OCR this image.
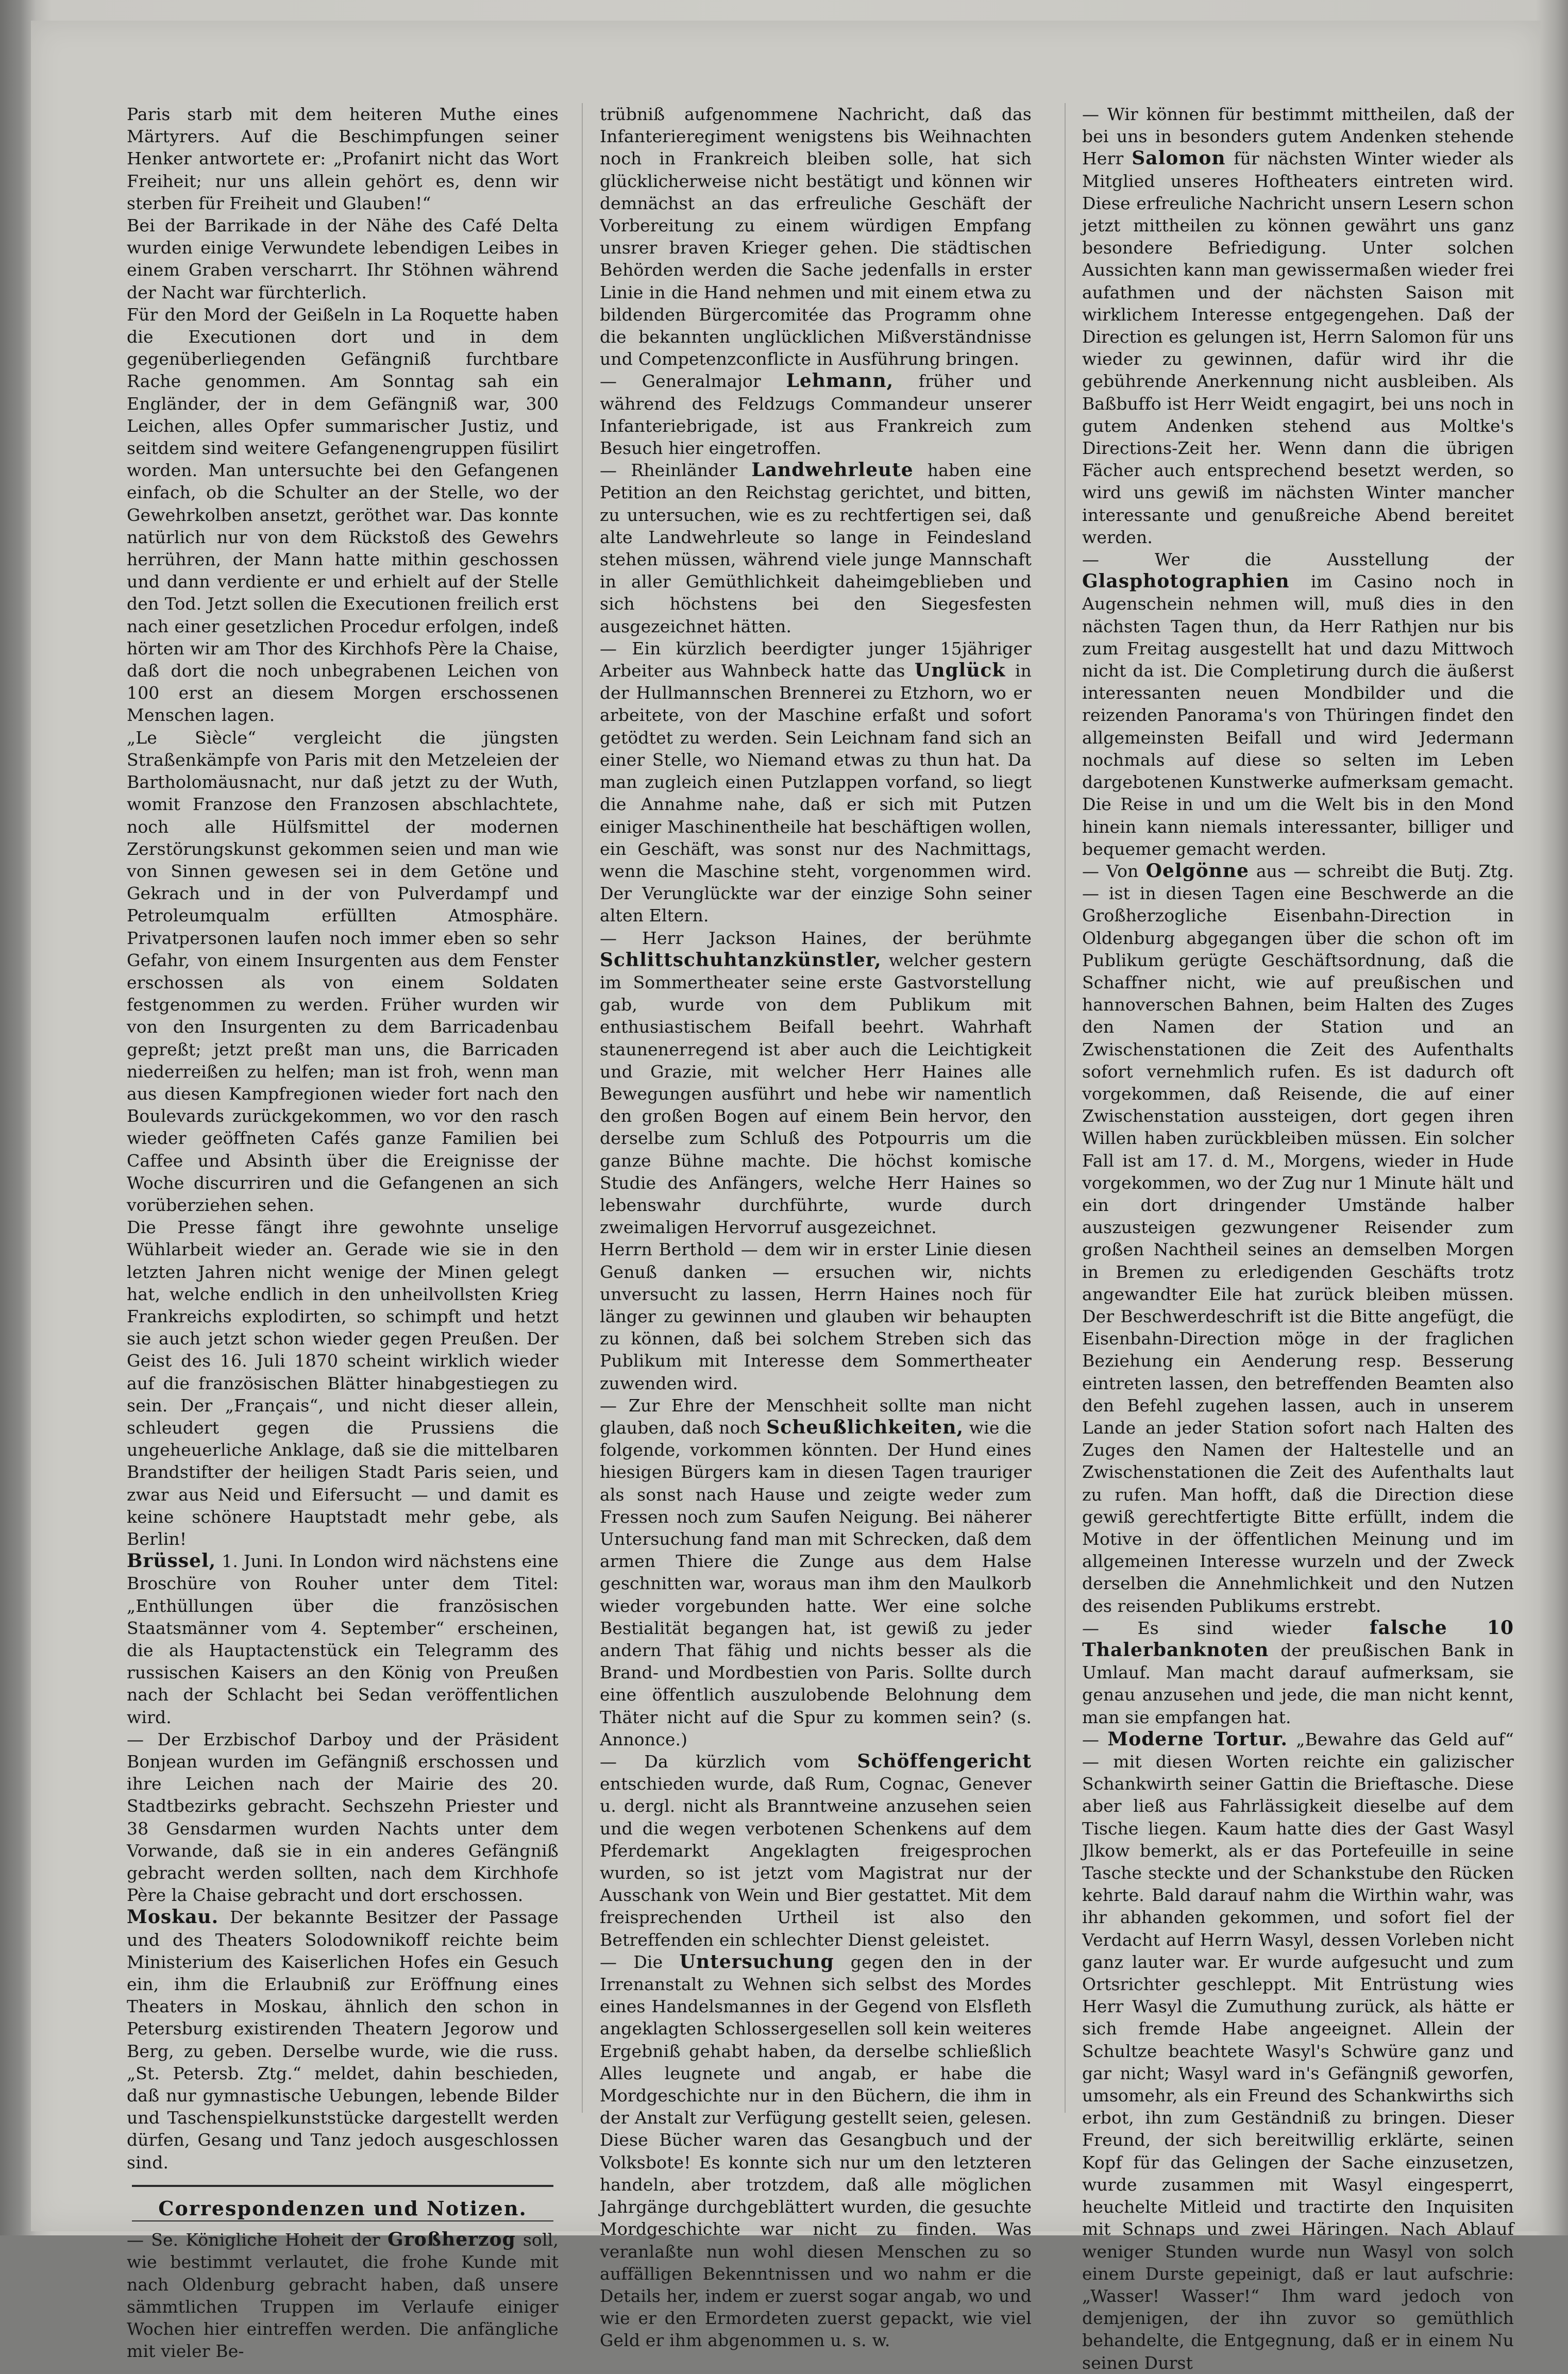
Paris starb mit dem heiteren Muthe eines Märtyrers. Auf die Beschimpfungen seiner Henker antwortete er: „Profanirt nicht das Wort Freiheit; nur uns allein gehört es, denn wir sterben für Freiheit und Glauben!“

Bei der Barrikade in der Nähe des Café Delta wurden einige Verwundete lebendigen Leibes in einem Graben verscharrt. Ihr Stöhnen während der Nacht war fürchterlich.

Für den Mord der Geißeln in La Roquette haben die Executionen dort und in dem gegenüberliegenden Gefängniß furchtbare Rache genommen. Am Sonntag sah ein Engländer, der in dem Gefängniß war, 300 Leichen, alles Opfer summarischer Justiz, und seitdem sind weitere Gefangenengruppen füsilirt worden. Man untersuchte bei den Gefangenen einfach, ob die Schulter an der Stelle, wo der Gewehrkolben ansetzt, geröthet war. Das konnte natürlich nur von dem Rückstoß des Gewehrs herrühren, der Mann hatte mithin geschossen und dann verdiente er und erhielt auf der Stelle den Tod. Jetzt sollen die Executionen freilich erst nach einer gesetzlichen Procedur erfolgen, indeß hörten wir am Thor des Kirchhofs Père la Chaise, daß dort die noch unbegrabenen Leichen von 100 erst an diesem Morgen erschossenen Menschen lagen.

„Le Siècle“ vergleicht die jüngsten Straßenkämpfe von Paris mit den Metzeleien der Bartholomäusnacht, nur daß jetzt zu der Wuth, womit Franzose den Franzosen abschlachtete, noch alle Hülfsmittel der modernen Zerstörungskunst gekommen seien und man wie von Sinnen gewesen sei in dem Getöne und Gekrach und in der von Pulverdampf und Petroleumqualm erfüllten Atmosphäre. Privatpersonen laufen noch immer eben so sehr Gefahr, von einem Insurgenten aus dem Fenster erschossen als von einem Soldaten festgenommen zu werden. Früher wurden wir von den Insurgenten zu dem Barricadenbau gepreßt; jetzt preßt man uns, die Barricaden niederreißen zu helfen; man ist froh, wenn man aus diesen Kampfregionen wieder fort nach den Boulevards zurückgekommen, wo vor den rasch wieder geöffneten Cafés ganze Familien bei Caffee und Absinth über die Ereignisse der Woche discurriren und die Gefangenen an sich vorüberziehen sehen.

Die Presse fängt ihre gewohnte unselige Wühlarbeit wieder an. Gerade wie sie in den letzten Jahren nicht wenige der Minen gelegt hat, welche endlich in den unheilvollsten Krieg Frankreichs explodirten, so schimpft und hetzt sie auch jetzt schon wieder gegen Preußen. Der Geist des 16. Juli 1870 scheint wirklich wieder auf die französischen Blätter hinabgestiegen zu sein. Der „Français“, und nicht dieser allein, schleudert gegen die Prussiens die ungeheuerliche Anklage, daß sie die mittelbaren Brandstifter der heiligen Stadt Paris seien, und zwar aus Neid und Eifersucht — und damit es keine schönere Hauptstadt mehr gebe, als Berlin!

Brüssel, 1. Juni. In London wird nächstens eine Broschüre von Rouher unter dem Titel: „Enthüllungen über die französischen Staatsmänner vom 4. September“ erscheinen, die als Hauptactenstück ein Telegramm des russischen Kaisers an den König von Preußen nach der Schlacht bei Sedan veröffentlichen wird.

— Der Erzbischof Darboy und der Präsident Bonjean wurden im Gefängniß erschossen und ihre Leichen nach der Mairie des 20. Stadtbezirks gebracht. Sechszehn Priester und 38 Gensdarmen wurden Nachts unter dem Vorwande, daß sie in ein anderes Gefängniß gebracht werden sollten, nach dem Kirchhofe Père la Chaise gebracht und dort erschossen.

Moskau. Der bekannte Besitzer der Passage und des Theaters Solodownikoff reichte beim Ministerium des Kaiserlichen Hofes ein Gesuch ein, ihm die Erlaubniß zur Eröffnung eines Theaters in Moskau, ähnlich den schon in Petersburg existirenden Theatern Jegorow und Berg, zu geben. Derselbe wurde, wie die russ. „St. Petersb. Ztg.“ meldet, dahin beschieden, daß nur gymnastische Uebungen, lebende Bilder und Taschenspielkunststücke dargestellt werden dürfen, Gesang und Tanz jedoch ausgeschlossen sind.

Correspondenzen und Notizen.

— Se. Königliche Hoheit der Großherzog soll, wie bestimmt verlautet, die frohe Kunde mit nach Oldenburg gebracht haben, daß unsere sämmtlichen Truppen im Verlaufe einiger Wochen hier eintreffen werden. Die anfängliche mit vieler Be-

trübniß aufgenommene Nachricht, daß das Infanterieregiment wenigstens bis Weihnachten noch in Frankreich bleiben solle, hat sich glücklicherweise nicht bestätigt und können wir demnächst an das erfreuliche Geschäft der Vorbereitung zu einem würdigen Empfang unsrer braven Krieger gehen. Die städtischen Behörden werden die Sache jedenfalls in erster Linie in die Hand nehmen und mit einem etwa zu bildenden Bürgercomitée das Programm ohne die bekannten unglücklichen Mißverständnisse und Competenzconflicte in Ausführung bringen.

— Generalmajor Lehmann, früher und während des Feldzugs Commandeur unserer Infanteriebrigade, ist aus Frankreich zum Besuch hier eingetroffen.

— Rheinländer Landwehrleute haben eine Petition an den Reichstag gerichtet, und bitten, zu untersuchen, wie es zu rechtfertigen sei, daß alte Landwehrleute so lange in Feindesland stehen müssen, während viele junge Mannschaft in aller Gemüthlichkeit daheimgeblieben und sich höchstens bei den Siegesfesten ausgezeichnet hätten.

— Ein kürzlich beerdigter junger 15jähriger Arbeiter aus Wahnbeck hatte das Unglück in der Hullmannschen Brennerei zu Etzhorn, wo er arbeitete, von der Maschine erfaßt und sofort getödtet zu werden. Sein Leichnam fand sich an einer Stelle, wo Niemand etwas zu thun hat. Da man zugleich einen Putzlappen vorfand, so liegt die Annahme nahe, daß er sich mit Putzen einiger Maschinentheile hat beschäftigen wollen, ein Geschäft, was sonst nur des Nachmittags, wenn die Maschine steht, vorgenommen wird. Der Verunglückte war der einzige Sohn seiner alten Eltern.

— Herr Jackson Haines, der berühmte Schlittschuhtanzkünstler, welcher gestern im Sommertheater seine erste Gastvorstellung gab, wurde von dem Publikum mit enthusiastischem Beifall beehrt. Wahrhaft staunenerregend ist aber auch die Leichtigkeit und Grazie, mit welcher Herr Haines alle Bewegungen ausführt und hebe wir namentlich den großen Bogen auf einem Bein hervor, den derselbe zum Schluß des Potpourris um die ganze Bühne machte. Die höchst komische Studie des Anfängers, welche Herr Haines so lebenswahr durchführte, wurde durch zweimaligen Hervorruf ausgezeichnet.

Herrn Berthold — dem wir in erster Linie diesen Genuß danken — ersuchen wir, nichts unversucht zu lassen, Herrn Haines noch für länger zu gewinnen und glauben wir behaupten zu können, daß bei solchem Streben sich das Publikum mit Interesse dem Sommertheater zuwenden wird.

— Zur Ehre der Menschheit sollte man nicht glauben, daß noch Scheußlichkeiten, wie die folgende, vorkommen könnten. Der Hund eines hiesigen Bürgers kam in diesen Tagen trauriger als sonst nach Hause und zeigte weder zum Fressen noch zum Saufen Neigung. Bei näherer Untersuchung fand man mit Schrecken, daß dem armen Thiere die Zunge aus dem Halse geschnitten war, woraus man ihm den Maulkorb wieder vorgebunden hatte. Wer eine solche Bestialität begangen hat, ist gewiß zu jeder andern That fähig und nichts besser als die Brand- und Mordbestien von Paris. Sollte durch eine öffentlich auszulobende Belohnung dem Thäter nicht auf die Spur zu kommen sein? (s. Annonce.)

— Da kürzlich vom Schöffengericht entschieden wurde, daß Rum, Cognac, Genever u. dergl. nicht als Branntweine anzusehen seien und die wegen verbotenen Schenkens auf dem Pferdemarkt Angeklagten freigesprochen wurden, so ist jetzt vom Magistrat nur der Ausschank von Wein und Bier gestattet. Mit dem freisprechenden Urtheil ist also den Betreffenden ein schlechter Dienst geleistet.

— Die Untersuchung gegen den in der Irrenanstalt zu Wehnen sich selbst des Mordes eines Handelsmannes in der Gegend von Elsfleth angeklagten Schlossergesellen soll kein weiteres Ergebniß gehabt haben, da derselbe schließlich Alles leugnete und angab, er habe die Mordgeschichte nur in den Büchern, die ihm in der Anstalt zur Verfügung gestellt seien, gelesen. Diese Bücher waren das Gesangbuch und der Volksbote! Es konnte sich nur um den letzteren handeln, aber trotzdem, daß alle möglichen Jahrgänge durchgeblättert wurden, die gesuchte Mordgeschichte war nicht zu finden. Was veranlaßte nun wohl diesen Menschen zu so auffälligen Bekenntnissen und wo nahm er die Details her, indem er zuerst sogar angab, wo und wie er den Ermordeten zuerst gepackt, wie viel Geld er ihm abgenommen u. s. w.

— Wir können für bestimmt mittheilen, daß der bei uns in besonders gutem Andenken stehende Herr Salomon für nächsten Winter wieder als Mitglied unseres Hoftheaters eintreten wird. Diese erfreuliche Nachricht unsern Lesern schon jetzt mittheilen zu können gewährt uns ganz besondere Befriedigung. Unter solchen Aussichten kann man gewissermaßen wieder frei aufathmen und der nächsten Saison mit wirklichem Interesse entgegengehen. Daß der Direction es gelungen ist, Herrn Salomon für uns wieder zu gewinnen, dafür wird ihr die gebührende Anerkennung nicht ausbleiben. Als Baßbuffo ist Herr Weidt engagirt, bei uns noch in gutem Andenken stehend aus Moltke's Directions-Zeit her. Wenn dann die übrigen Fächer auch entsprechend besetzt werden, so wird uns gewiß im nächsten Winter mancher interessante und genußreiche Abend bereitet werden.

— Wer die Ausstellung der Glasphotographien im Casino noch in Augenschein nehmen will, muß dies in den nächsten Tagen thun, da Herr Rathjen nur bis zum Freitag ausgestellt hat und dazu Mittwoch nicht da ist. Die Completirung durch die äußerst interessanten neuen Mondbilder und die reizenden Panorama's von Thüringen findet den allgemeinsten Beifall und wird Jedermann nochmals auf diese so selten im Leben dargebotenen Kunstwerke aufmerksam gemacht. Die Reise in und um die Welt bis in den Mond hinein kann niemals interessanter, billiger und bequemer gemacht werden.

— Von Oelgönne aus — schreibt die Butj. Ztg. — ist in diesen Tagen eine Beschwerde an die Großherzogliche Eisenbahn-Direction in Oldenburg abgegangen über die schon oft im Publikum gerügte Geschäftsordnung, daß die Schaffner nicht, wie auf preußischen und hannoverschen Bahnen, beim Halten des Zuges den Namen der Station und an Zwischenstationen die Zeit des Aufenthalts sofort vernehmlich rufen. Es ist dadurch oft vorgekommen, daß Reisende, die auf einer Zwischenstation aussteigen, dort gegen ihren Willen haben zurückbleiben müssen. Ein solcher Fall ist am 17. d. M., Morgens, wieder in Hude vorgekommen, wo der Zug nur 1 Minute hält und ein dort dringender Umstände halber auszusteigen gezwungener Reisender zum großen Nachtheil seines an demselben Morgen in Bremen zu erledigenden Geschäfts trotz angewandter Eile hat zurück bleiben müssen. Der Beschwerdeschrift ist die Bitte angefügt, die Eisenbahn-Direction möge in der fraglichen Beziehung ein Aenderung resp. Besserung eintreten lassen, den betreffenden Beamten also den Befehl zugehen lassen, auch in unserem Lande an jeder Station sofort nach Halten des Zuges den Namen der Haltestelle und an Zwischenstationen die Zeit des Aufenthalts laut zu rufen. Man hofft, daß die Direction diese gewiß gerechtfertigte Bitte erfüllt, indem die Motive in der öffentlichen Meinung und im allgemeinen Interesse wurzeln und der Zweck derselben die Annehmlichkeit und den Nutzen des reisenden Publikums erstrebt.

— Es sind wieder falsche 10 Thalerbanknoten der preußischen Bank in Umlauf. Man macht darauf aufmerksam, sie genau anzusehen und jede, die man nicht kennt, man sie empfangen hat.

— Moderne Tortur. „Bewahre das Geld auf“ — mit diesen Worten reichte ein galizischer Schankwirth seiner Gattin die Brieftasche. Diese aber ließ aus Fahrlässigkeit dieselbe auf dem Tische liegen. Kaum hatte dies der Gast Wasyl Jlkow bemerkt, als er das Portefeuille in seine Tasche steckte und der Schankstube den Rücken kehrte. Bald darauf nahm die Wirthin wahr, was ihr abhanden gekommen, und sofort fiel der Verdacht auf Herrn Wasyl, dessen Vorleben nicht ganz lauter war. Er wurde aufgesucht und zum Ortsrichter geschleppt. Mit Entrüstung wies Herr Wasyl die Zumuthung zurück, als hätte er sich fremde Habe angeeignet. Allein der Schultze beachtete Wasyl's Schwüre ganz und gar nicht; Wasyl ward in's Gefängniß geworfen, umsomehr, als ein Freund des Schankwirths sich erbot, ihn zum Geständniß zu bringen. Dieser Freund, der sich bereitwillig erklärte, seinen Kopf für das Gelingen der Sache einzusetzen, wurde zusammen mit Wasyl eingesperrt, heuchelte Mitleid und tractirte den Inquisiten mit Schnaps und zwei Häringen. Nach Ablauf weniger Stunden wurde nun Wasyl von solch einem Durste gepeinigt, daß er laut aufschrie: „Wasser! Wasser!“ Ihm ward jedoch von demjenigen, der ihn zuvor so gemüthlich behandelte, die Entgegnung, daß er in einem Nu seinen Durst
